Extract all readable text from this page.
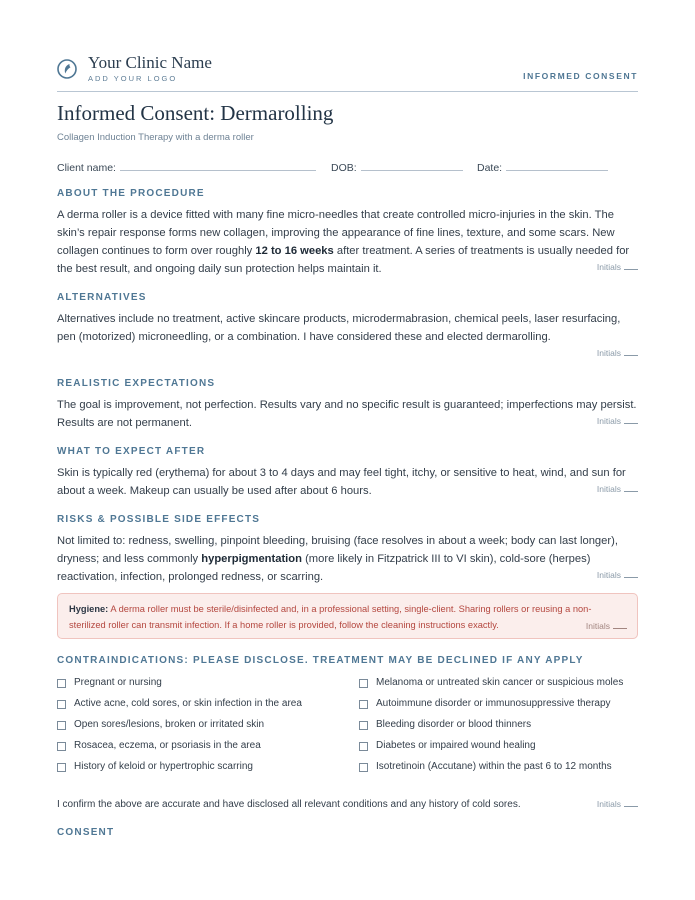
Your Clinic Name
ADD YOUR LOGO	INFORMED CONSENT
Informed Consent: Dermarolling
Collagen Induction Therapy with a derma roller
Client name:	DOB:	Date:
ABOUT THE PROCEDURE

A derma roller is a device fitted with many fine micro-needles that create controlled micro-injuries in the skin. The skin’s repair response forms new collagen, improving the appearance of fine lines, texture, and some scars. New collagen continues to form over roughly 12 to 16 weeks after treatment. A series of treatments is usually needed for the best result, and ongoing daily sun protection helps maintain it.	Initials
ALTERNATIVES

Alternatives include no treatment, active skincare products, microdermabrasion, chemical peels, laser resurfacing, pen (motorized) microneedling, or a combination. I have considered these and elected dermarolling.

Initials
REALISTIC EXPECTATIONS

The goal is improvement, not perfection. Results vary and no specific result is guaranteed; imperfections may persist. Results are not permanent.	Initials
WHAT TO EXPECT AFTER

Skin is typically red (erythema) for about 3 to 4 days and may feel tight, itchy, or sensitive to heat, wind, and sun for about a week. Makeup can usually be used after about 6 hours.	Initials
RISKS & POSSIBLE SIDE EFFECTS

Not limited to: redness, swelling, pinpoint bleeding, bruising (face resolves in about a week; body can last longer), dryness; and less commonly hyperpigmentation (more likely in Fitzpatrick III to VI skin), cold-sore (herpes) reactivation, infection, prolonged redness, or scarring.	Initials
Hygiene: A derma roller must be sterile/disinfected and, in a professional setting, single-client. Sharing rollers or reusing a non-sterilized roller can transmit infection. If a home roller is provided, follow the cleaning instructions exactly.	Initials
CONTRAINDICATIONS: PLEASE DISCLOSE. TREATMENT MAY BE DECLINED IF ANY APPLY
Pregnant or nursing
Active acne, cold sores, or skin infection in the area
Open sores/lesions, broken or irritated skin
Rosacea, eczema, or psoriasis in the area
History of keloid or hypertrophic scarring
Melanoma or untreated skin cancer or suspicious moles
Autoimmune disorder or immunosuppressive therapy
Bleeding disorder or blood thinners
Diabetes or impaired wound healing
Isotretinoin (Accutane) within the past 6 to 12 months
I confirm the above are accurate and have disclosed all relevant conditions and any history of cold sores.	Initials
CONSENT
